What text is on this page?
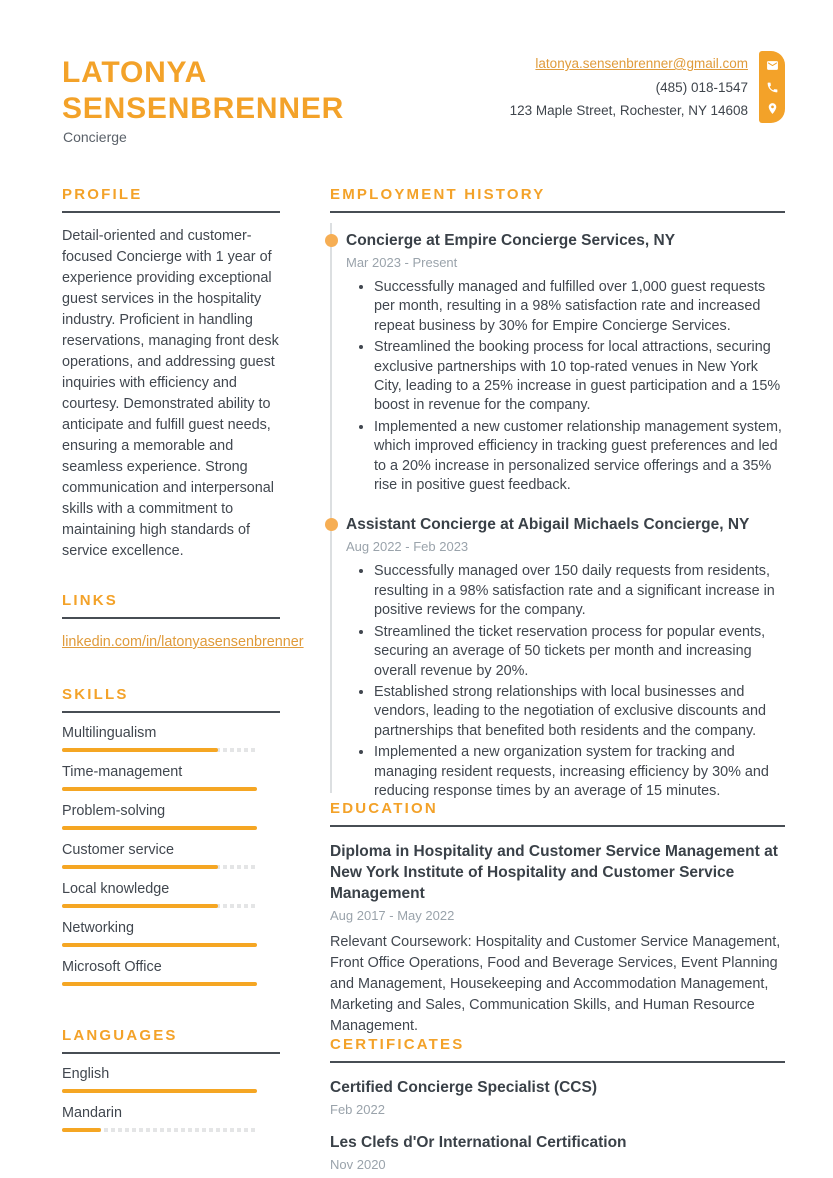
LATONYA
SENSENBRENNER
Concierge
latonya.sensenbrenner@gmail.com
(485) 018-1547
123 Maple Street, Rochester, NY 14608
PROFILE

Detail-oriented and customer-focused Concierge with 1 year of experience providing exceptional guest services in the hospitality industry. Proficient in handling reservations, managing front desk operations, and addressing guest inquiries with efficiency and courtesy. Demonstrated ability to anticipate and fulfill guest needs, ensuring a memorable and seamless experience. Strong communication and interpersonal skills with a commitment to maintaining high standards of service excellence.

LINKS
linkedin.com/in/latonyasensenbrenner
SKILLS
Multilingualism
Time-management
Problem-solving
Customer service
Local knowledge
Networking
Microsoft Office
LANGUAGES
English
Mandarin
EMPLOYMENT HISTORY
Concierge at Empire Concierge Services, NY
Mar 2023 - Present
• Successfully managed and fulfilled over 1,000 guest requests per month, resulting in a 98% satisfaction rate and increased repeat business by 30% for Empire Concierge Services.
• Streamlined the booking process for local attractions, securing exclusive partnerships with 10 top-rated venues in New York City, leading to a 25% increase in guest participation and a 15% boost in revenue for the company.
• Implemented a new customer relationship management system, which improved efficiency in tracking guest preferences and led to a 20% increase in personalized service offerings and a 35% rise in positive guest feedback.
Assistant Concierge at Abigail Michaels Concierge, NY
Aug 2022 - Feb 2023
• Successfully managed over 150 daily requests from residents, resulting in a 98% satisfaction rate and a significant increase in positive reviews for the company.
• Streamlined the ticket reservation process for popular events, securing an average of 50 tickets per month and increasing overall revenue by 20%.
• Established strong relationships with local businesses and vendors, leading to the negotiation of exclusive discounts and partnerships that benefited both residents and the company.
• Implemented a new organization system for tracking and managing resident requests, increasing efficiency by 30% and reducing response times by an average of 15 minutes.
EDUCATION
Diploma in Hospitality and Customer Service Management at New York Institute of Hospitality and Customer Service Management
Aug 2017 - May 2022

Relevant Coursework: Hospitality and Customer Service Management, Front Office Operations, Food and Beverage Services, Event Planning and Management, Housekeeping and Accommodation Management, Marketing and Sales, Communication Skills, and Human Resource Management.

CERTIFICATES
Certified Concierge Specialist (CCS)
Feb 2022
Les Clefs d'Or International Certification
Nov 2020
